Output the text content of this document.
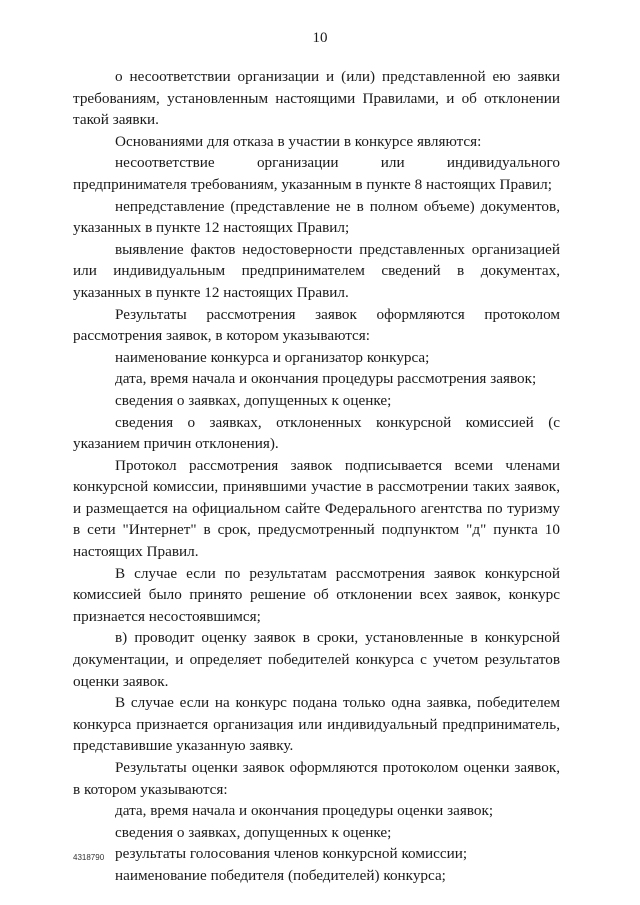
10

о несоответствии организации и (или) представленной ею заявки требованиям, установленным настоящими Правилами, и об отклонении такой заявки.

Основаниями для отказа в участии в конкурсе являются:

несоответствие организации или индивидуального предпринимателя требованиям, указанным в пункте 8 настоящих Правил;

непредставление (представление не в полном объеме) документов, указанных в пункте 12 настоящих Правил;

выявление фактов недостоверности представленных организацией или индивидуальным предпринимателем сведений в документах, указанных в пункте 12 настоящих Правил.

Результаты рассмотрения заявок оформляются протоколом рассмотрения заявок, в котором указываются:

наименование конкурса и организатор конкурса;

дата, время начала и окончания процедуры рассмотрения заявок;

сведения о заявках, допущенных к оценке;

сведения о заявках, отклоненных конкурсной комиссией (с указанием причин отклонения).

Протокол рассмотрения заявок подписывается всеми членами конкурсной комиссии, принявшими участие в рассмотрении таких заявок, и размещается на официальном сайте Федерального агентства по туризму в сети "Интернет" в срок, предусмотренный подпунктом "д" пункта 10 настоящих Правил.

В случае если по результатам рассмотрения заявок конкурсной комиссией было принято решение об отклонении всех заявок, конкурс признается несостоявшимся;

в) проводит оценку заявок в сроки, установленные в конкурсной документации, и определяет победителей конкурса с учетом результатов оценки заявок.

В случае если на конкурс подана только одна заявка, победителем конкурса признается организация или индивидуальный предприниматель, представившие указанную заявку.

Результаты оценки заявок оформляются протоколом оценки заявок, в котором указываются:

дата, время начала и окончания процедуры оценки заявок;

сведения о заявках, допущенных к оценке;

результаты голосования членов конкурсной комиссии;

наименование победителя (победителей) конкурса;

4318790
